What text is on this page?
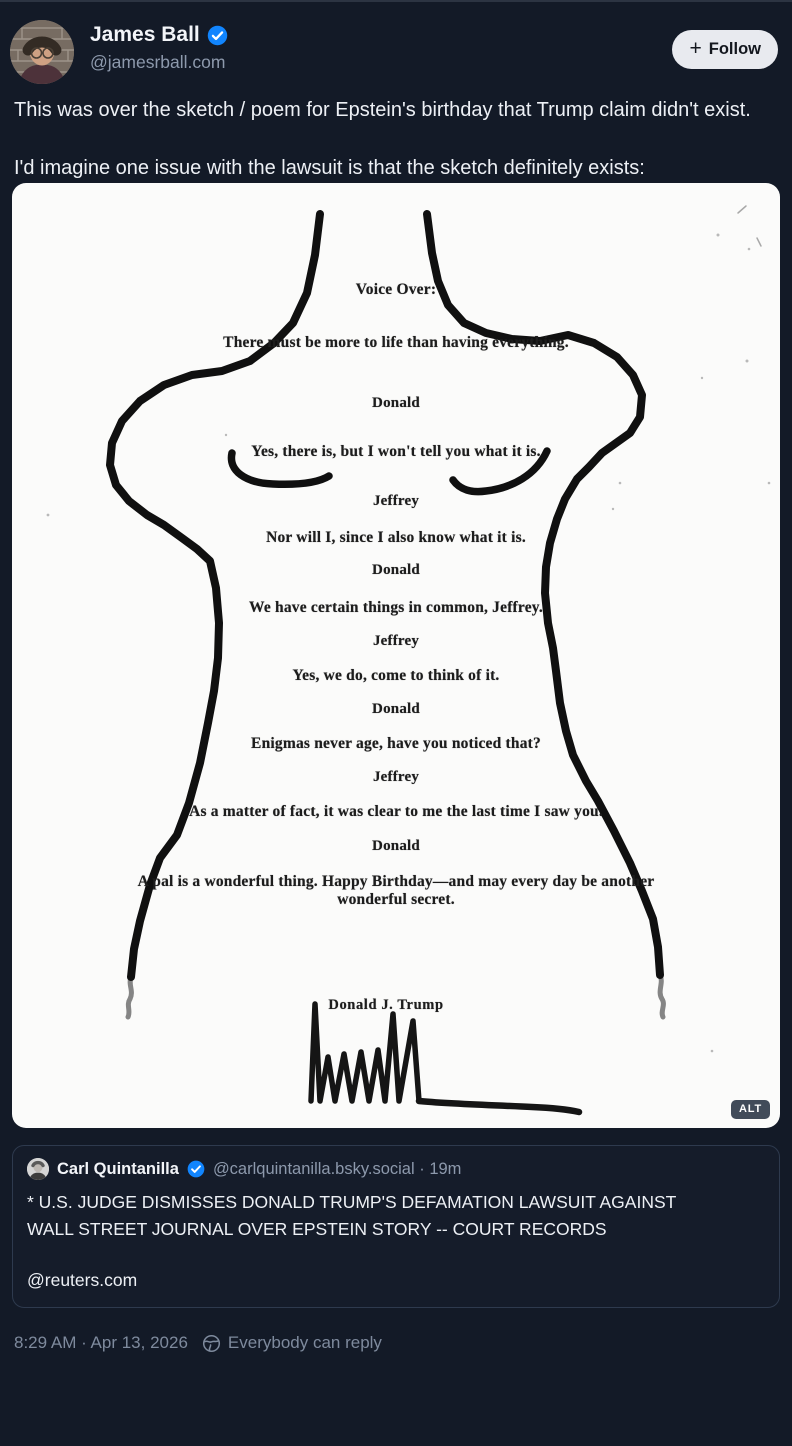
James Ball
@jamesrball.com
+ Follow

This was over the sketch / poem for Epstein's birthday that Trump claim didn't exist.

I'd imagine one issue with the lawsuit is that the sketch definitely exists:

Voice Over:
There must be more to life than having everything.
Donald
Yes, there is, but I won't tell you what it is.
Jeffrey
Nor will I, since I also know what it is.
Donald
We have certain things in common, Jeffrey.
Jeffrey
Yes, we do, come to think of it.
Donald
Enigmas never age, have you noticed that?
Jeffrey
As a matter of fact, it was clear to me the last time I saw you.
Donald
A pal is a wonderful thing. Happy Birthday—and may every day be another
wonderful secret.
Donald J. Trump
ALT
Carl Quintanilla @carlquintanilla.bsky.social · 19m

* U.S. JUDGE DISMISSES DONALD TRUMP'S DEFAMATION LAWSUIT AGAINST WALL STREET JOURNAL OVER EPSTEIN STORY -- COURT RECORDS

@reuters.com

8:29 AM · Apr 13, 2026 Everybody can reply
